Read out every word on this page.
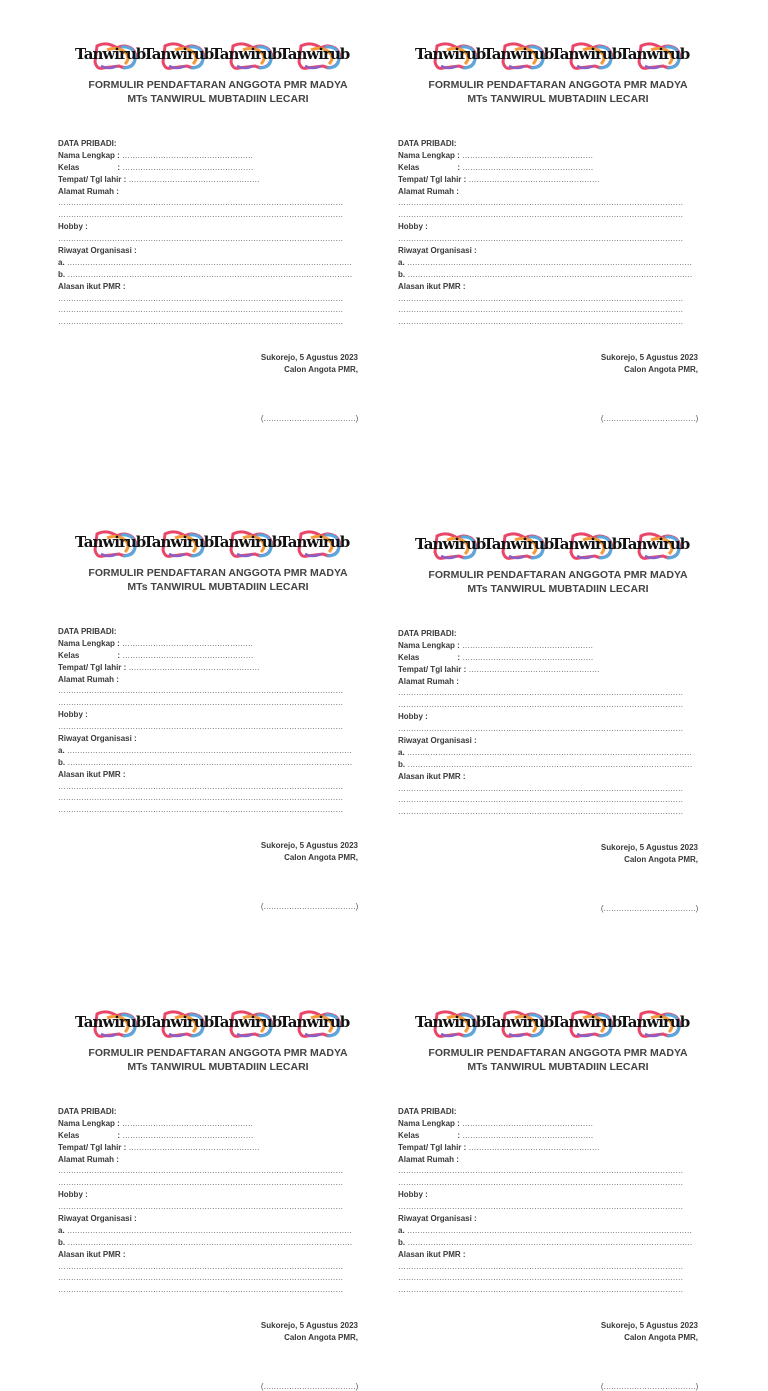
Tanwirub
Tanwirub
Tanwirub
Tanwirub
FORMULIR PENDAFTARAN ANGGOTA PMR MADYA
MTs TANWIRUL MUBTADIIN LECARI
DATA PRIBADI:
Nama Lengkap : ……………………………………………
Kelas	: ……………………………………………
Tempat/ Tgl lahir : ……………………………………………
Alamat Rumah :
…………………………………………………………………………………………………
…………………………………………………………………………………………………
Hobby :
…………………………………………………………………………………………………
Riwayat Organisasi :
a. …………………………………………………………………………………………………
b. …………………………………………………………………………………………………
Alasan ikut PMR :
…………………………………………………………………………………………………
…………………………………………………………………………………………………
…………………………………………………………………………………………………
Sukorejo, 5 Agustus 2023
Calon Angota PMR,
(………………………………)
Tanwirub
Tanwirub
Tanwirub
Tanwirub
FORMULIR PENDAFTARAN ANGGOTA PMR MADYA
MTs TANWIRUL MUBTADIIN LECARI
DATA PRIBADI:
Nama Lengkap : ……………………………………………
Kelas	: ……………………………………………
Tempat/ Tgl lahir : ……………………………………………
Alamat Rumah :
…………………………………………………………………………………………………
…………………………………………………………………………………………………
Hobby :
…………………………………………………………………………………………………
Riwayat Organisasi :
a. …………………………………………………………………………………………………
b. …………………………………………………………………………………………………
Alasan ikut PMR :
…………………………………………………………………………………………………
…………………………………………………………………………………………………
…………………………………………………………………………………………………
Sukorejo, 5 Agustus 2023
Calon Angota PMR,
(………………………………)
Tanwirub
Tanwirub
Tanwirub
Tanwirub
FORMULIR PENDAFTARAN ANGGOTA PMR MADYA
MTs TANWIRUL MUBTADIIN LECARI
DATA PRIBADI:
Nama Lengkap : ……………………………………………
Kelas	: ……………………………………………
Tempat/ Tgl lahir : ……………………………………………
Alamat Rumah :
…………………………………………………………………………………………………
…………………………………………………………………………………………………
Hobby :
…………………………………………………………………………………………………
Riwayat Organisasi :
a. …………………………………………………………………………………………………
b. …………………………………………………………………………………………………
Alasan ikut PMR :
…………………………………………………………………………………………………
…………………………………………………………………………………………………
…………………………………………………………………………………………………
Sukorejo, 5 Agustus 2023
Calon Angota PMR,
(………………………………)
Tanwirub
Tanwirub
Tanwirub
Tanwirub
FORMULIR PENDAFTARAN ANGGOTA PMR MADYA
MTs TANWIRUL MUBTADIIN LECARI
DATA PRIBADI:
Nama Lengkap : ……………………………………………
Kelas	: ……………………………………………
Tempat/ Tgl lahir : ……………………………………………
Alamat Rumah :
…………………………………………………………………………………………………
…………………………………………………………………………………………………
Hobby :
…………………………………………………………………………………………………
Riwayat Organisasi :
a. …………………………………………………………………………………………………
b. …………………………………………………………………………………………………
Alasan ikut PMR :
…………………………………………………………………………………………………
…………………………………………………………………………………………………
…………………………………………………………………………………………………
Sukorejo, 5 Agustus 2023
Calon Angota PMR,
(………………………………)
Tanwirub
Tanwirub
Tanwirub
Tanwirub
FORMULIR PENDAFTARAN ANGGOTA PMR MADYA
MTs TANWIRUL MUBTADIIN LECARI
DATA PRIBADI:
Nama Lengkap : ……………………………………………
Kelas	: ……………………………………………
Tempat/ Tgl lahir : ……………………………………………
Alamat Rumah :
…………………………………………………………………………………………………
…………………………………………………………………………………………………
Hobby :
…………………………………………………………………………………………………
Riwayat Organisasi :
a. …………………………………………………………………………………………………
b. …………………………………………………………………………………………………
Alasan ikut PMR :
…………………………………………………………………………………………………
…………………………………………………………………………………………………
…………………………………………………………………………………………………
Sukorejo, 5 Agustus 2023
Calon Angota PMR,
(………………………………)
Tanwirub
Tanwirub
Tanwirub
Tanwirub
FORMULIR PENDAFTARAN ANGGOTA PMR MADYA
MTs TANWIRUL MUBTADIIN LECARI
DATA PRIBADI:
Nama Lengkap : ……………………………………………
Kelas	: ……………………………………………
Tempat/ Tgl lahir : ……………………………………………
Alamat Rumah :
…………………………………………………………………………………………………
…………………………………………………………………………………………………
Hobby :
…………………………………………………………………………………………………
Riwayat Organisasi :
a. …………………………………………………………………………………………………
b. …………………………………………………………………………………………………
Alasan ikut PMR :
…………………………………………………………………………………………………
…………………………………………………………………………………………………
…………………………………………………………………………………………………
Sukorejo, 5 Agustus 2023
Calon Angota PMR,
(………………………………)
